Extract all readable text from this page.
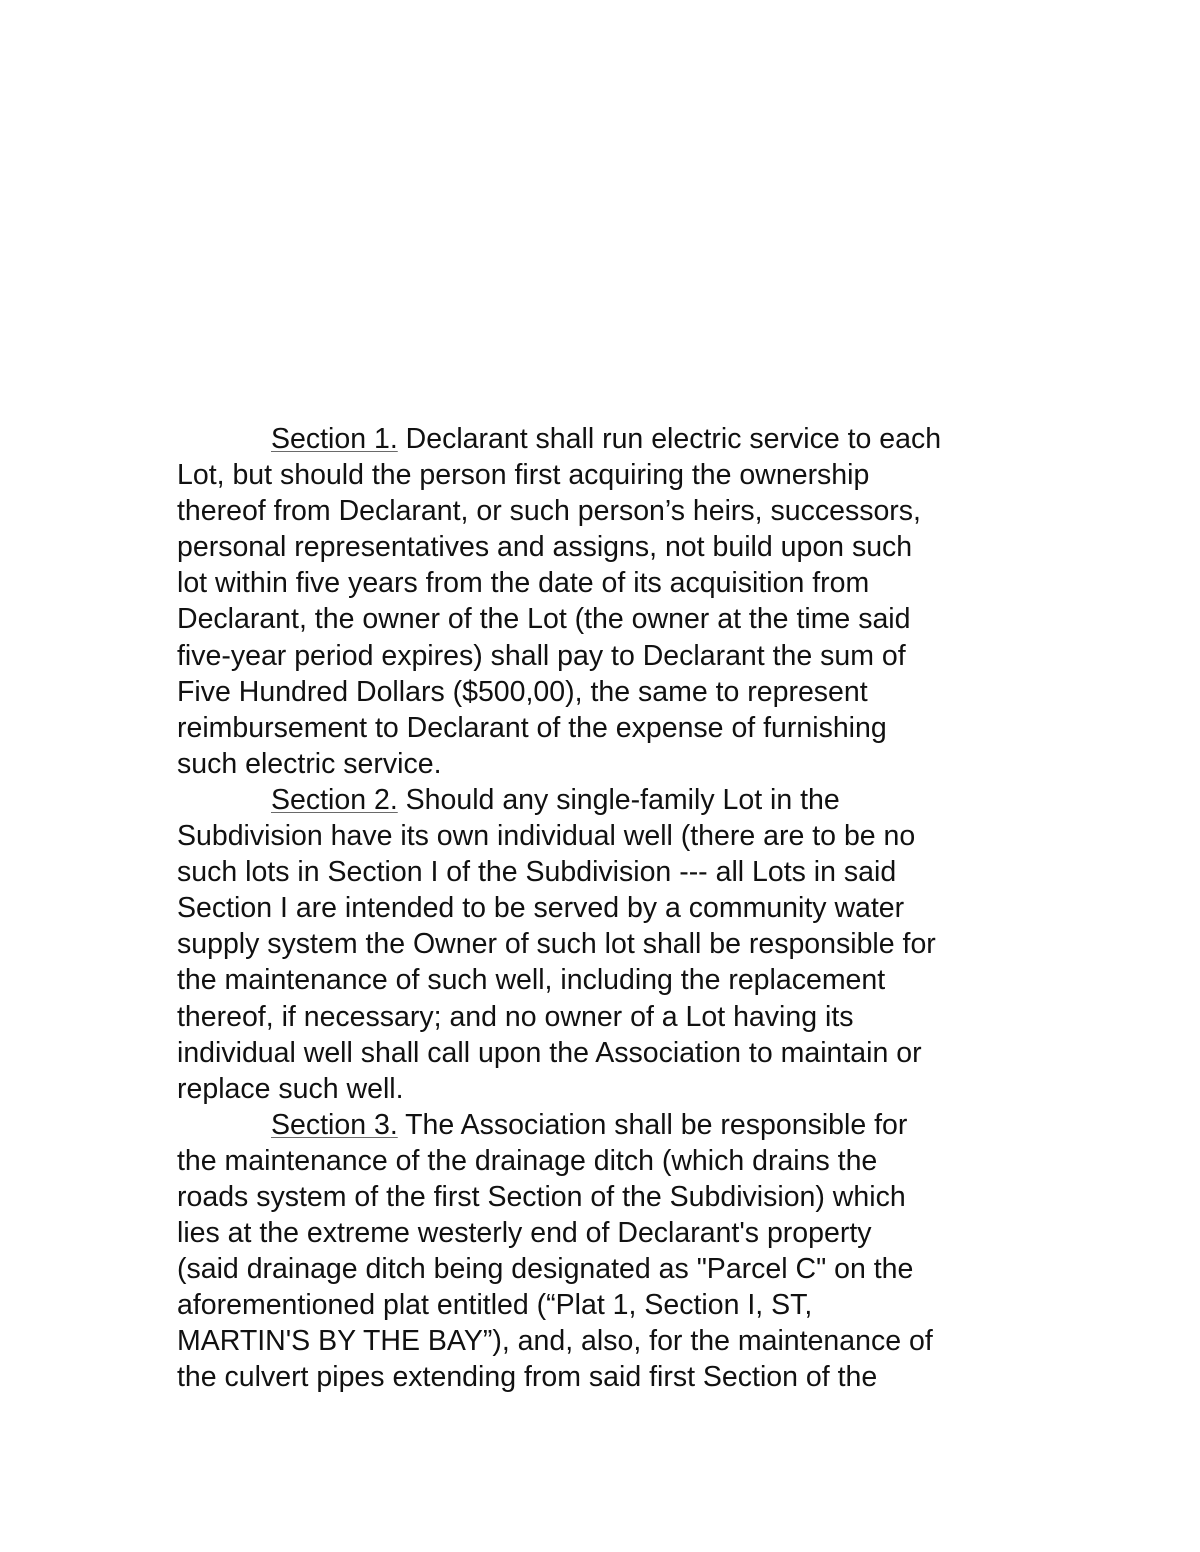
Section 1. Declarant shall run electric service to each
Lot, but should the person first acquiring the ownership
thereof from Declarant, or such person’s heirs, successors,
personal representatives and assigns, not build upon such
lot within five years from the date of its acquisition from
Declarant, the owner of the Lot (the owner at the time said
five-year period expires) shall pay to Declarant the sum of
Five Hundred Dollars ($500,00), the same to represent
reimbursement to Declarant of the expense of furnishing
such electric service.
Section 2. Should any single-family Lot in the
Subdivision have its own individual well (there are to be no
such lots in Section I of the Subdivision --- all Lots in said
Section I are intended to be served by a community water
supply system the Owner of such lot shall be responsible for
the maintenance of such well, including the replacement
thereof, if necessary; and no owner of a Lot having its
individual well shall call upon the Association to maintain or
replace such well.
Section 3. The Association shall be responsible for
the maintenance of the drainage ditch (which drains the
roads system of the first Section of the Subdivision) which
lies at the extreme westerly end of Declarant's property
(said drainage ditch being designated as "Parcel C" on the
aforementioned plat entitled (“Plat 1, Section I, ST,
MARTIN'S BY THE BAY”), and, also, for the maintenance of
the culvert pipes extending from said first Section of the
